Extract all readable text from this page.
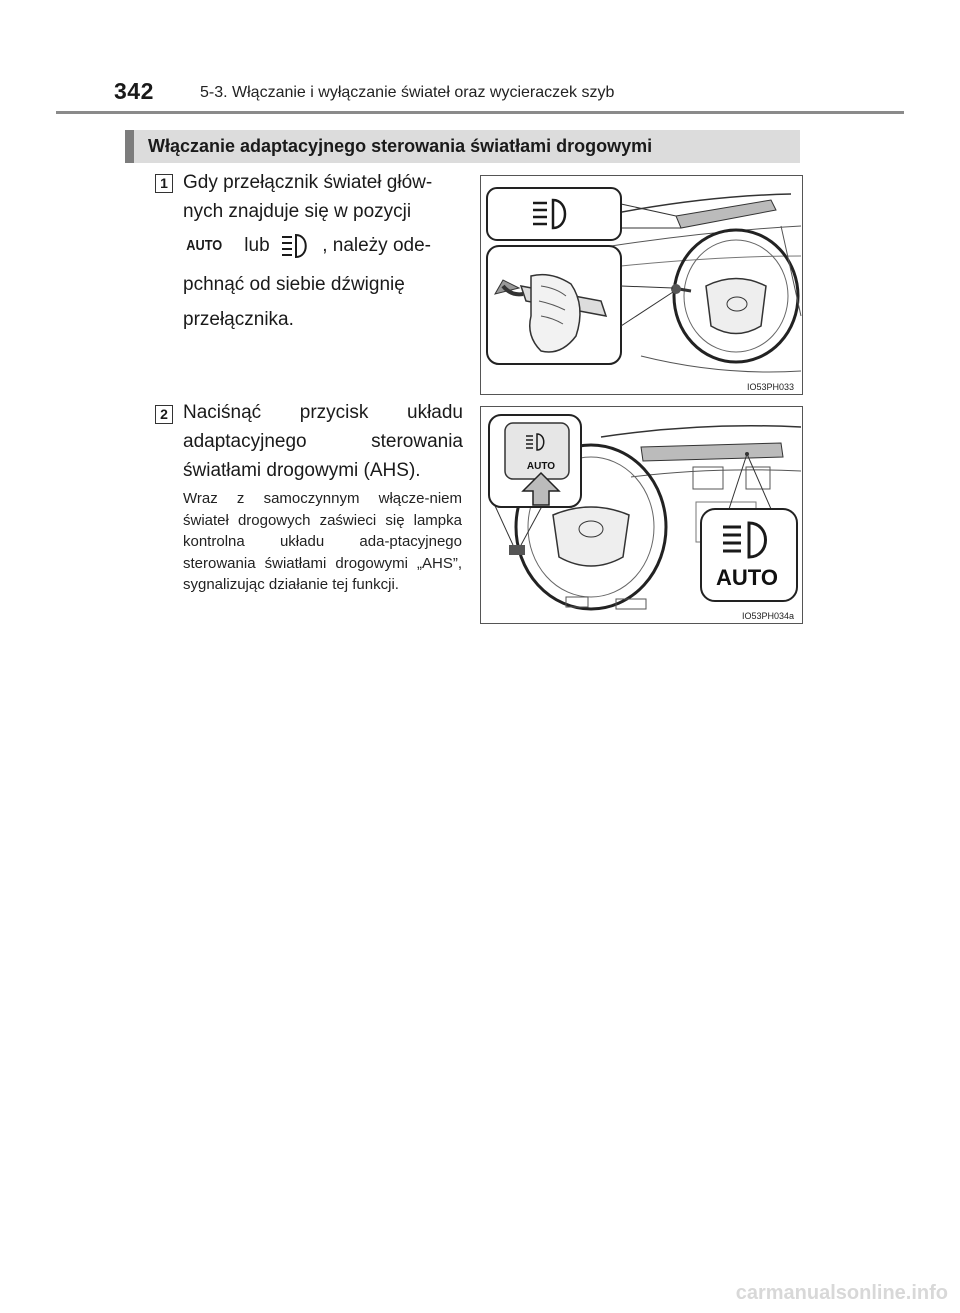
342	5-3. Włączanie i wyłączanie świateł oraz wycieraczek szyb
Włączanie adaptacyjnego sterowania światłami drogowymi
1 Gdy przełącznik świateł głów-
nych znajduje się w pozycji
AUTO lub	, należy ode-
pchnąć od siebie dźwignię
przełącznika.
IO53PH033
2 Naciśnąć przycisk układu adaptacyjnego sterowania światłami drogowymi (AHS).
Wraz z samoczynnym włącze-niem świateł drogowych zaświeci się lampka kontrolna układu ada-ptacyjnego sterowania światłami drogowymi „AHS”, sygnalizując działanie tej funkcji.
AUTO
AUTO
IO53PH034a
carmanualsonline.info
